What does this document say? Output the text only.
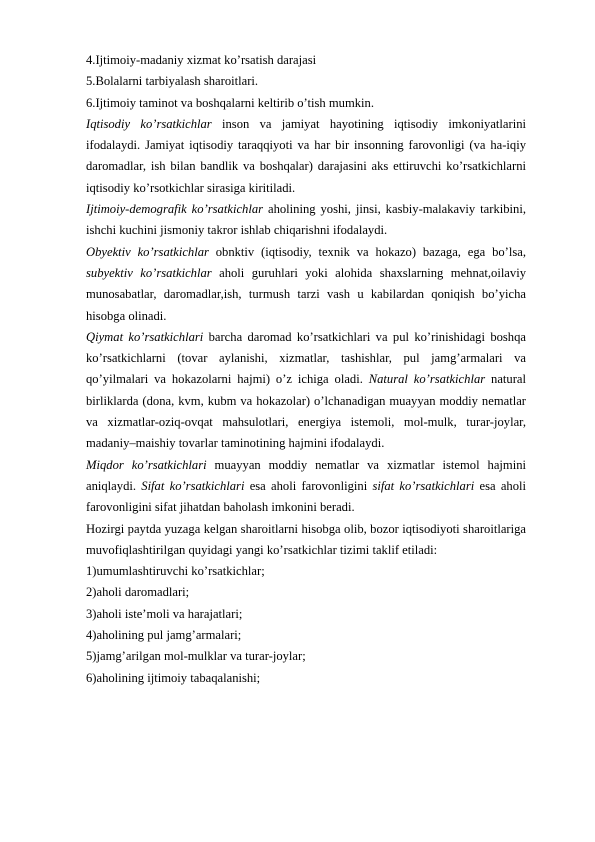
4.Ijtimoiy-madaniy xizmat ko’rsatish darajasi

5.Bolalarni tarbiyalash sharoitlari.

6.Ijtimoiy taminot va boshqalarni keltirib o’tish mumkin.

Iqtisodiy ko’rsatkichlar inson va jamiyat hayotining iqtisodiy imkoniyatlarini ifodalaydi. Jamiyat iqtisodiy taraqqiyoti va har bir insonning farovonligi (va ha-iqiy daromadlar, ish bilan bandlik va boshqalar) darajasini aks ettiruvchi ko’rsatkichlarni iqtisodiy ko’rsotkichlar sirasiga kiritiladi.

Ijtimoiy-demografik ko’rsatkichlar aholining yoshi, jinsi, kasbiy-malakaviy tarkibini, ishchi kuchini jismoniy takror ishlab chiqarishni ifodalaydi.

Obyektiv ko’rsatkichlar obnktiv (iqtisodiy, texnik va hokazo) bazaga, ega bo’lsa, subyektiv ko’rsatkichlar aholi guruhlari yoki alohida shaxslarning mehnat,oilaviy munosabatlar, daromadlar,ish, turmush tarzi vash u kabilardan qoniqish bo’yicha hisobga olinadi.

Qiymat ko’rsatkichlari barcha daromad ko’rsatkichlari va pul ko’rinishidagi boshqa ko’rsatkichlarni (tovar aylanishi, xizmatlar, tashishlar, pul jamg’armalari va qo’yilmalari va hokazolarni hajmi) o’z ichiga oladi. Natural ko’rsatkichlar natural birliklarda (dona, kvm, kubm va hokazolar) o’lchanadigan muayyan moddiy nematlar va xizmatlar-oziq-ovqat mahsulotlari, energiya istemoli, mol-mulk, turar-joylar, madaniy–maishiy tovarlar taminotining hajmini ifodalaydi.

Miqdor ko’rsatkichlari muayyan moddiy nematlar va xizmatlar istemol hajmini aniqlaydi. Sifat ko’rsatkichlari esa aholi farovonligini sifat ko’rsatkichlari esa aholi farovonligini sifat jihatdan baholash imkonini beradi.

Hozirgi paytda yuzaga kelgan sharoitlarni hisobga olib, bozor iqtisodiyoti sharoitlariga muvofiqlashtirilgan quyidagi yangi ko’rsatkichlar tizimi taklif etiladi:

1)umumlashtiruvchi ko’rsatkichlar;

2)aholi daromadlari;

3)aholi iste’moli va harajatlari;

4)aholining pul jamg’armalari;

5)jamg’arilgan mol-mulklar va turar-joylar;

6)aholining ijtimoiy tabaqalanishi;
